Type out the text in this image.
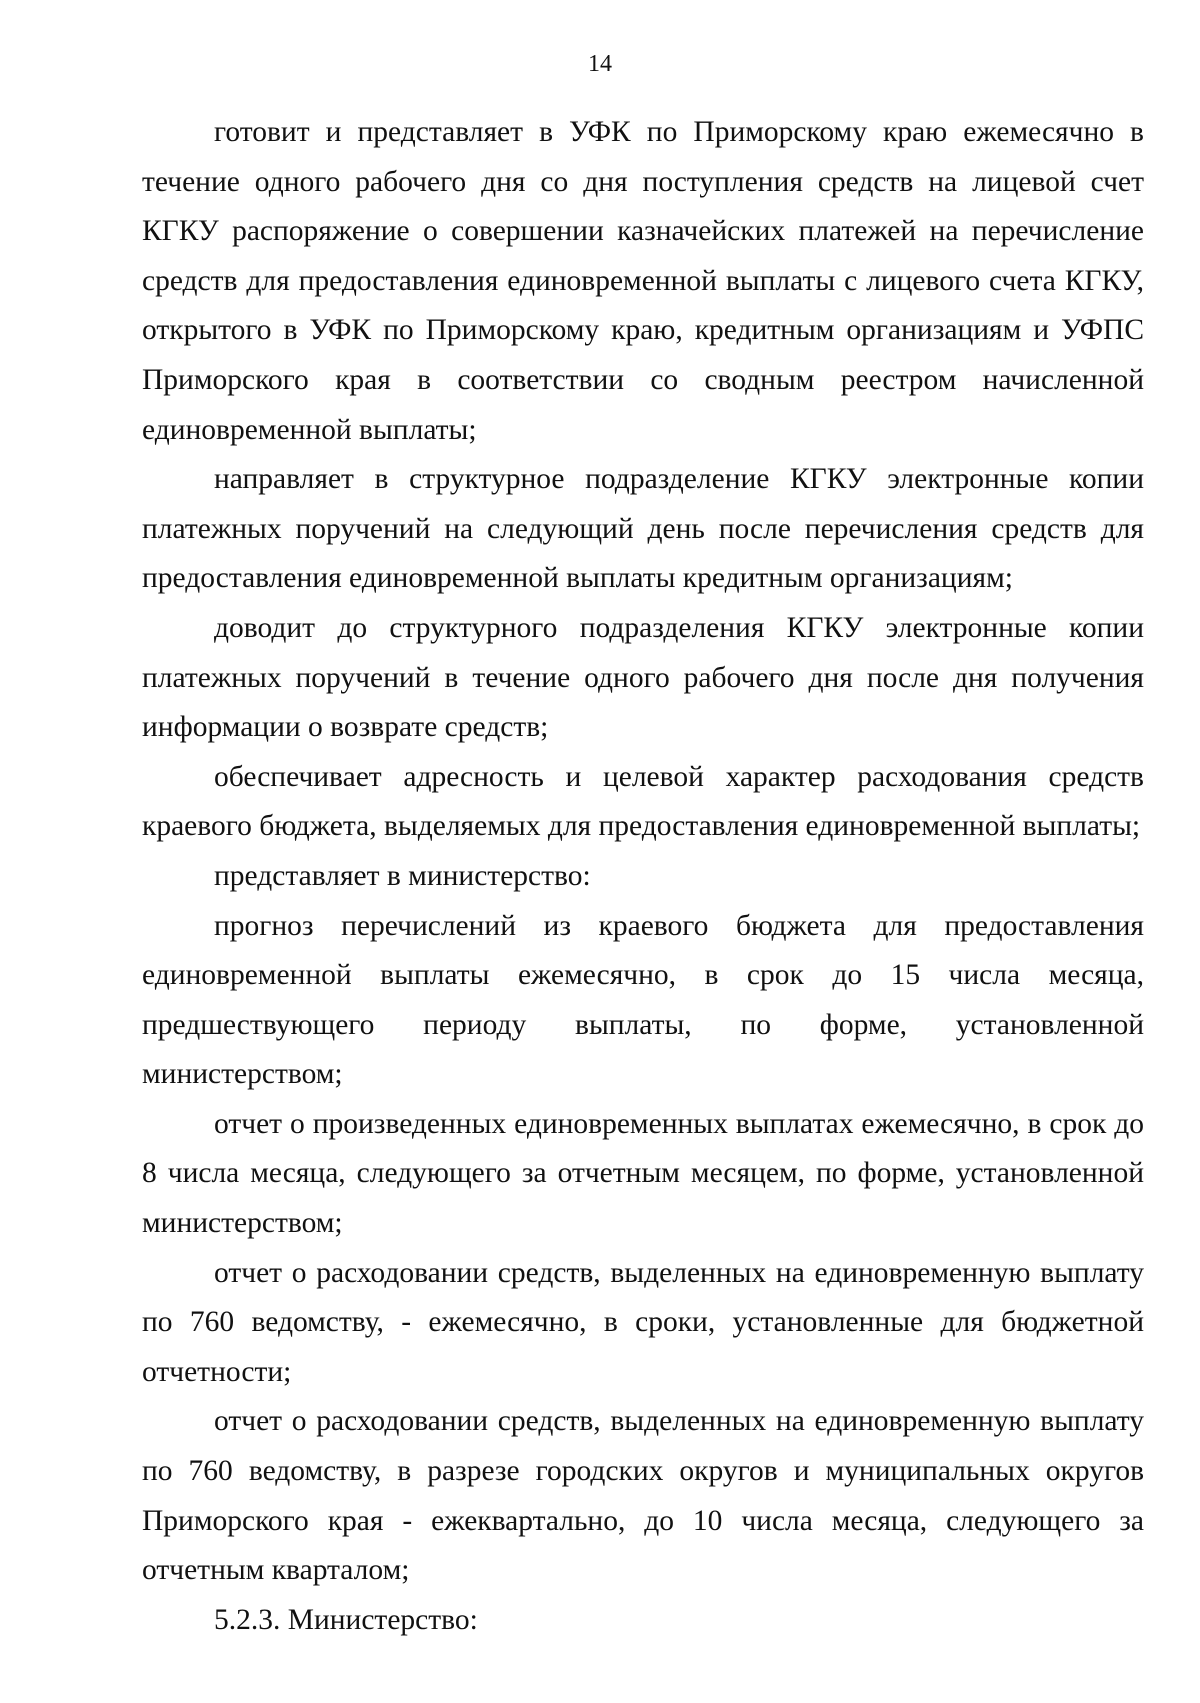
14

готовит и представляет в УФК по Приморскому краю ежемесячно в течение одного рабочего дня со дня поступления средств на лицевой счет КГКУ распоряжение о совершении казначейских платежей на перечисление средств для предоставления единовременной выплаты с лицевого счета КГКУ, открытого в УФК по Приморскому краю, кредитным организациям и УФПС Приморского края в соответствии со сводным реестром начисленной единовременной выплаты;

направляет в структурное подразделение КГКУ электронные копии платежных поручений на следующий день после перечисления средств для предоставления единовременной выплаты кредитным организациям;

доводит до структурного подразделения КГКУ электронные копии платежных поручений в течение одного рабочего дня после дня получения информации о возврате средств;

обеспечивает адресность и целевой характер расходования средств краевого бюджета, выделяемых для предоставления единовременной выплаты;

представляет в министерство:

прогноз перечислений из краевого бюджета для предоставления единовременной выплаты ежемесячно, в срок до 15 числа месяца, предшествующего периоду выплаты, по форме, установленной министерством;

отчет о произведенных единовременных выплатах ежемесячно, в срок до 8 числа месяца, следующего за отчетным месяцем, по форме, установленной министерством;

отчет о расходовании средств, выделенных на единовременную выплату по 760 ведомству, - ежемесячно, в сроки, установленные для бюджетной отчетности;

отчет о расходовании средств, выделенных на единовременную выплату по 760 ведомству, в разрезе городских округов и муниципальных округов Приморского края - ежеквартально, до 10 числа месяца, следующего за отчетным кварталом;

5.2.3. Министерство:
